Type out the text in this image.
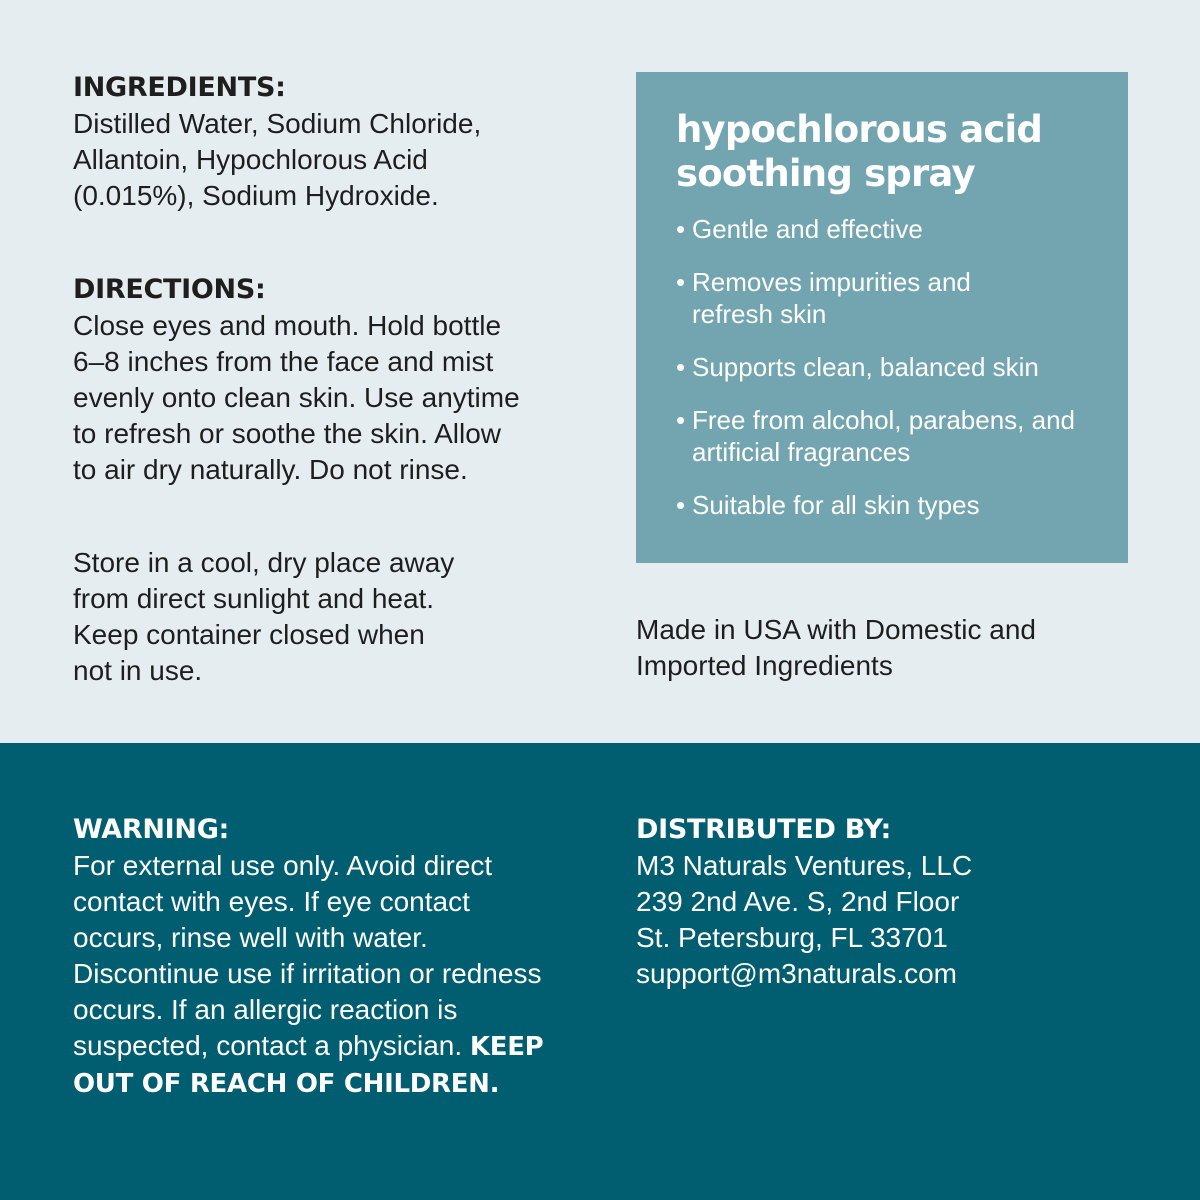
INGREDIENTS:

Distilled Water, Sodium Chloride,
Allantoin, Hypochlorous Acid
(0.015%), Sodium Hydroxide.

DIRECTIONS:

Close eyes and mouth. Hold bottle
6–8 inches from the face and mist
evenly onto clean skin. Use anytime
to refresh or soothe the skin. Allow
to air dry naturally. Do not rinse.

Store in a cool, dry place away
from direct sunlight and heat.
Keep container closed when
not in use.

hypochlorous acid
soothing spray
• Gentle and effective
• Removes impurities and refresh skin
• Supports clean, balanced skin
• Free from alcohol, parabens, and artificial fragrances
• Suitable for all skin types

Made in USA with Domestic and
Imported Ingredients

WARNING:

For external use only. Avoid direct
contact with eyes. If eye contact
occurs, rinse well with water.
Discontinue use if irritation or redness
occurs. If an allergic reaction is
suspected, contact a physician. KEEP
OUT OF REACH OF CHILDREN.

DISTRIBUTED BY:

M3 Naturals Ventures, LLC
239 2nd Ave. S, 2nd Floor
St. Petersburg, FL 33701
support@m3naturals.com
